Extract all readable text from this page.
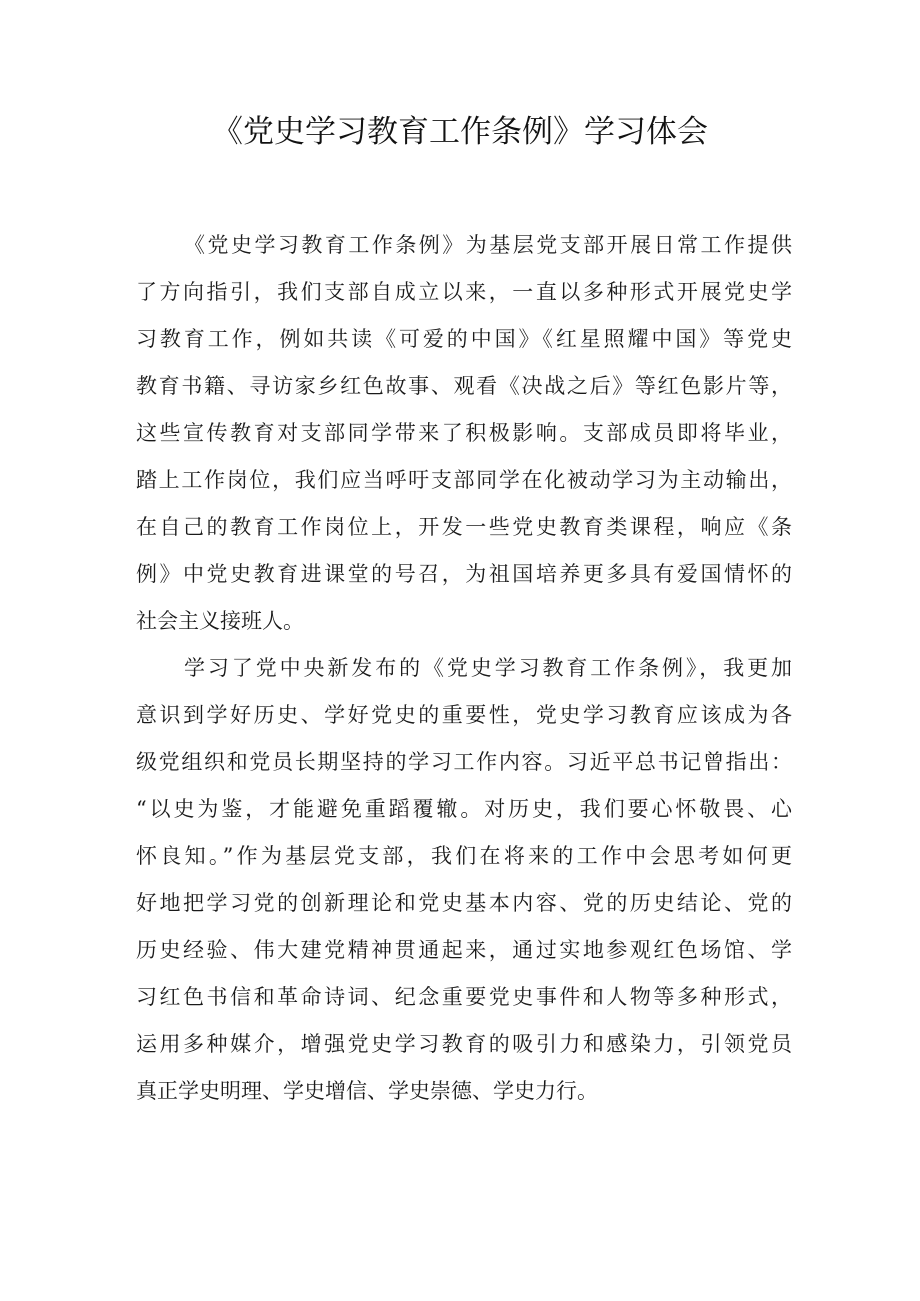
《党史学习教育工作条例》学习体会
《党史学习教育工作条例》为基层党支部开展日常工作提供
了方向指引，我们支部自成立以来，一直以多种形式开展党史学
习教育工作，例如共读《可爱的中国》《红星照耀中国》等党史
教育书籍、寻访家乡红色故事、观看《决战之后》等红色影片等，
这些宣传教育对支部同学带来了积极影响。支部成员即将毕业，
踏上工作岗位，我们应当呼吁支部同学在化被动学习为主动输出，
在自己的教育工作岗位上，开发一些党史教育类课程，响应《条
例》中党史教育进课堂的号召，为祖国培养更多具有爱国情怀的
社会主义接班人。
学习了党中央新发布的《党史学习教育工作条例》，我更加
意识到学好历史、学好党史的重要性，党史学习教育应该成为各
级党组织和党员长期坚持的学习工作内容。习近平总书记曾指出：
“以史为鉴，才能避免重蹈覆辙。对历史，我们要心怀敬畏、心
怀良知。”作为基层党支部，我们在将来的工作中会思考如何更
好地把学习党的创新理论和党史基本内容、党的历史结论、党的
历史经验、伟大建党精神贯通起来，通过实地参观红色场馆、学
习红色书信和革命诗词、纪念重要党史事件和人物等多种形式，
运用多种媒介，增强党史学习教育的吸引力和感染力，引领党员
真正学史明理、学史增信、学史崇德、学史力行。
